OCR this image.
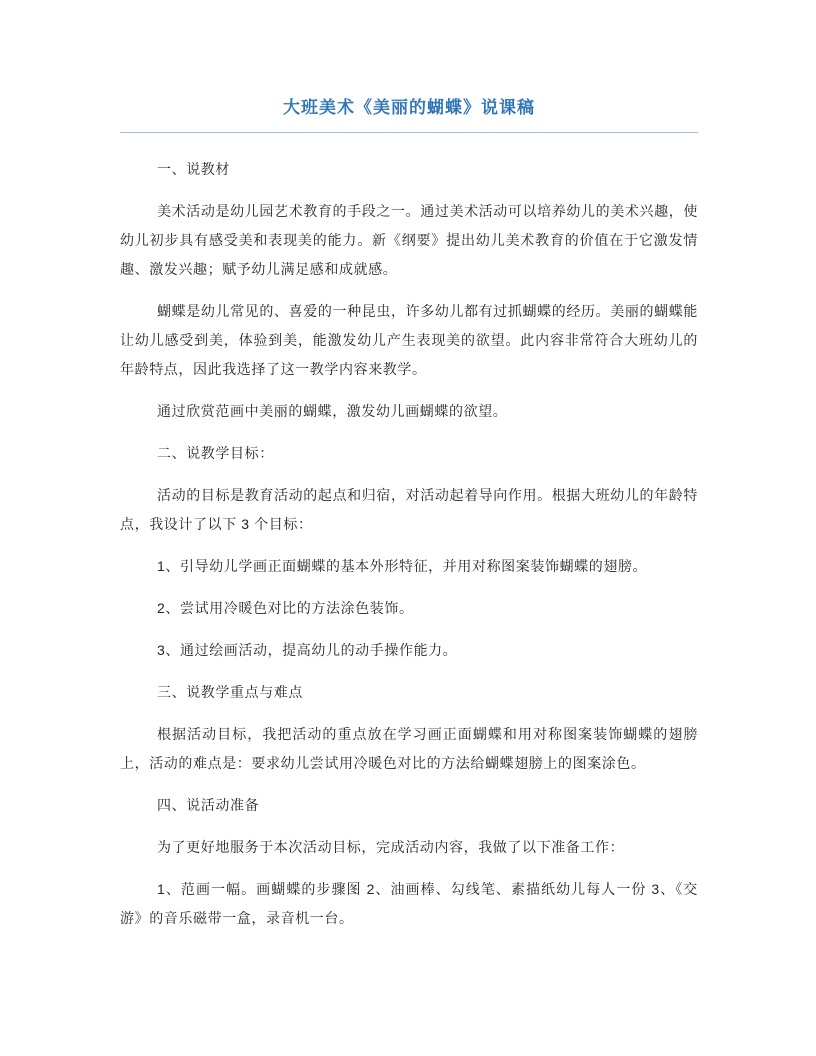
大班美术《美丽的蝴蝶》说课稿

一、说教材

美术活动是幼儿园艺术教育的手段之一。通过美术活动可以培养幼儿的美术兴趣，使幼儿初步具有感受美和表现美的能力。新《纲要》提出幼儿美术教育的价值在于它激发情趣、激发兴趣；赋予幼儿满足感和成就感。

蝴蝶是幼儿常见的、喜爱的一种昆虫，许多幼儿都有过抓蝴蝶的经历。美丽的蝴蝶能让幼儿感受到美，体验到美，能激发幼儿产生表现美的欲望。此内容非常符合大班幼儿的年龄特点，因此我选择了这一教学内容来教学。

通过欣赏范画中美丽的蝴蝶，激发幼儿画蝴蝶的欲望。

二、说教学目标：

活动的目标是教育活动的起点和归宿，对活动起着导向作用。根据大班幼儿的年龄特点，我设计了以下 3 个目标：

1、引导幼儿学画正面蝴蝶的基本外形特征，并用对称图案装饰蝴蝶的翅膀。

2、尝试用冷暖色对比的方法涂色装饰。

3、通过绘画活动，提高幼儿的动手操作能力。

三、说教学重点与难点

根据活动目标，我把活动的重点放在学习画正面蝴蝶和用对称图案装饰蝴蝶的翅膀上，活动的难点是：要求幼儿尝试用冷暖色对比的方法给蝴蝶翅膀上的图案涂色。

四、说活动准备

为了更好地服务于本次活动目标，完成活动内容，我做了以下准备工作：

1、范画一幅。画蝴蝶的步骤图 2、油画棒、勾线笔、素描纸幼儿每人一份 3、《交游》的音乐磁带一盒，录音机一台。
